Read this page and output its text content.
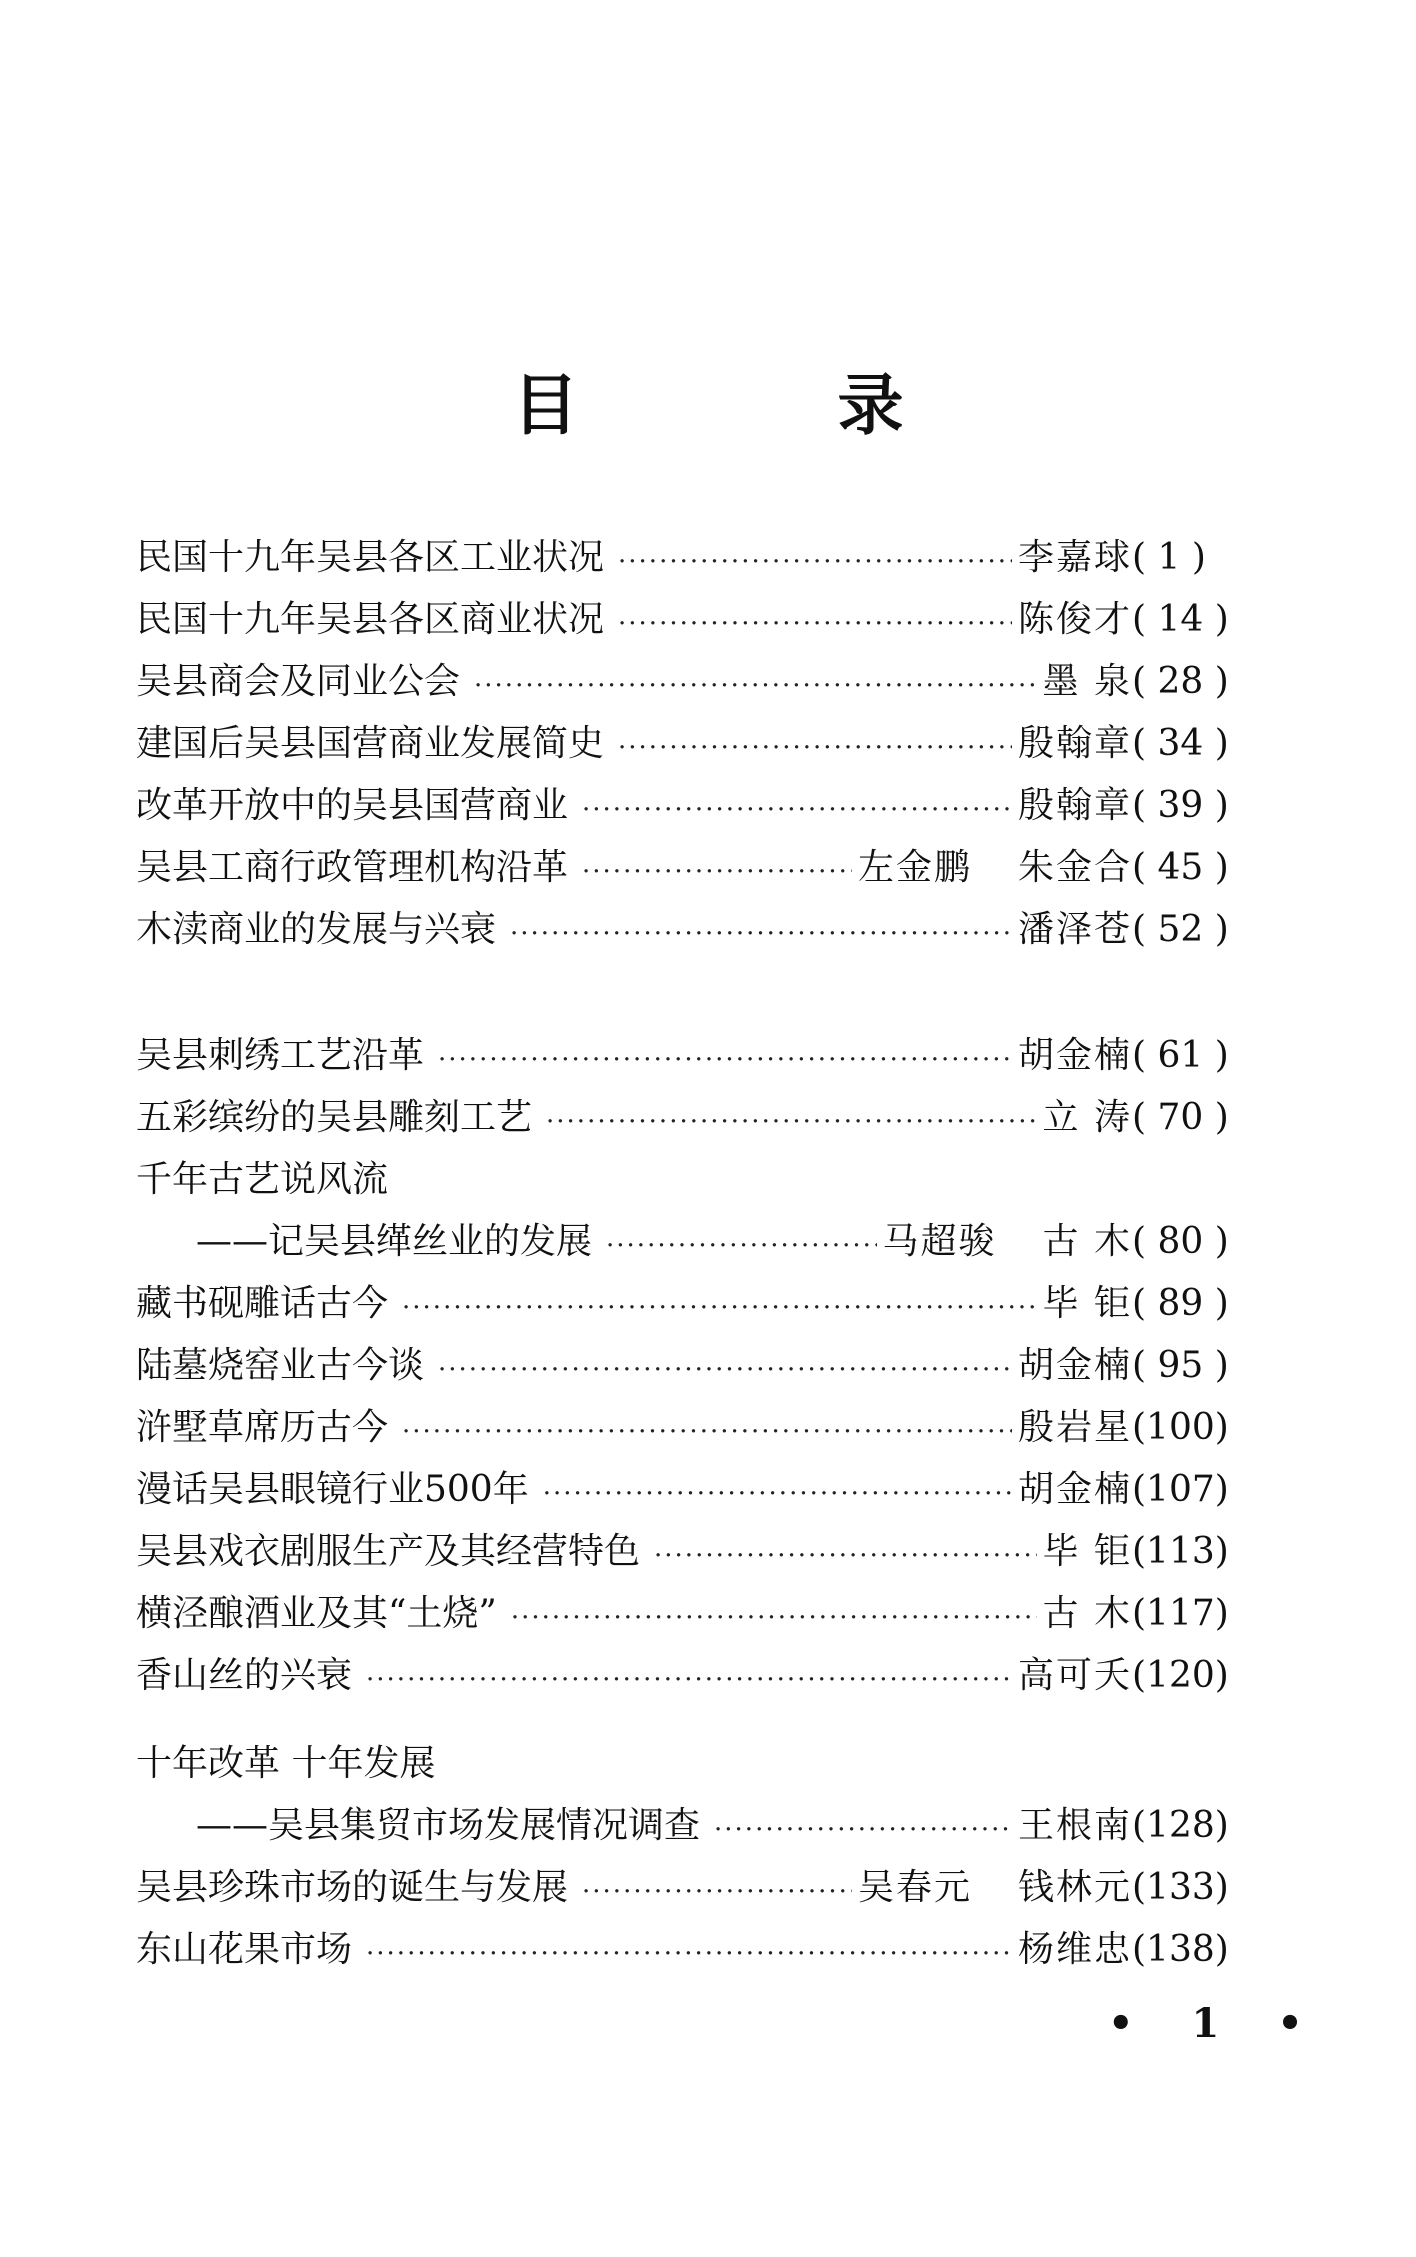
目 录
民国十九年吴县各区工业状况 ·····	李嘉球 ( 1 )
民国十九年吴县各区商业状况 ·····	陈俊才 ( 14 )
吴县商会及同业公会 ·····	墨 泉 ( 28 )
建国后吴县国营商业发展简史 ·····	殷翰章 ( 34 )
改革开放中的吴县国营商业 ·····	殷翰章 ( 39 )
吴县工商行政管理机构沿革 ·····	左金鹏 朱金合 ( 45 )
木渎商业的发展与兴衰 ·····	潘泽苍 ( 52 )
吴县刺绣工艺沿革 ·····	胡金楠 ( 61 )
五彩缤纷的吴县雕刻工艺 ·····	立 涛 ( 70 )
千年古艺说风流
——记吴县缂丝业的发展 ·····	马超骏 古 木 ( 80 )
藏书砚雕话古今 ·····	毕 钜 ( 89 )
陆墓烧窑业古今谈 ·····	胡金楠 ( 95 )
浒墅草席历古今 ·····	殷岩星 (100)
漫话吴县眼镜行业500年 ·····	胡金楠 (107)
吴县戏衣剧服生产及其经营特色 ·····	毕 钜 (113)
横泾酿酒业及其“土烧” ·····	古 木 (117)
香山丝的兴衰 ·····	高可夭 (120)
十年改革 十年发展
——吴县集贸市场发展情况调查 ·····	王根南 (128)
吴县珍珠市场的诞生与发展 ·····	吴春元 钱林元 (133)
东山花果市场 ·····	杨维忠 (138)
• 1 •
